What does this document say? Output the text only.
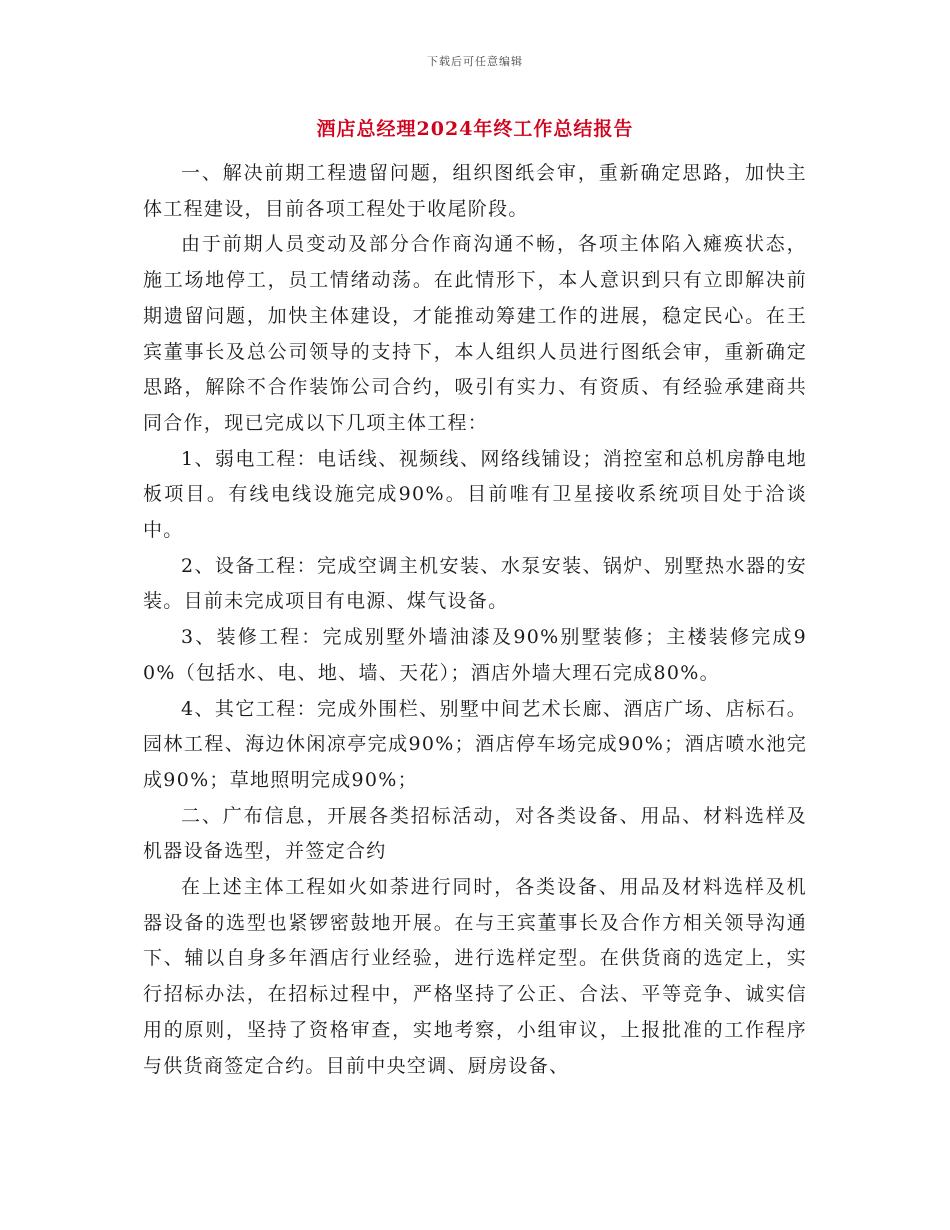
下载后可任意编辑
酒店总经理2024年终工作总结报告

一、解决前期工程遗留问题，组织图纸会审，重新确定思路，加快主体工程建设，目前各项工程处于收尾阶段。

由于前期人员变动及部分合作商沟通不畅，各项主体陷入瘫痪状态，施工场地停工，员工情绪动荡。在此情形下，本人意识到只有立即解决前期遗留问题，加快主体建设，才能推动筹建工作的进展，稳定民心。在王宾董事长及总公司领导的支持下，本人组织人员进行图纸会审，重新确定思路，解除不合作装饰公司合约，吸引有实力、有资质、有经验承建商共同合作，现已完成以下几项主体工程：

1、弱电工程：电话线、视频线、网络线铺设；消控室和总机房静电地板项目。有线电线设施完成90%。目前唯有卫星接收系统项目处于洽谈中。

2、设备工程：完成空调主机安装、水泵安装、锅炉、别墅热水器的安装。目前未完成项目有电源、煤气设备。

3、装修工程：完成别墅外墙油漆及90%别墅装修；主楼装修完成90%（包括水、电、地、墙、天花）；酒店外墙大理石完成80%。

4、其它工程：完成外围栏、别墅中间艺术长廊、酒店广场、店标石。园林工程、海边休闲凉亭完成90%；酒店停车场完成90%；酒店喷水池完成90%；草地照明完成90%；

二、广布信息，开展各类招标活动，对各类设备、用品、材料选样及机器设备选型，并签定合约

在上述主体工程如火如荼进行同时，各类设备、用品及材料选样及机器设备的选型也紧锣密鼓地开展。在与王宾董事长及合作方相关领导沟通下、辅以自身多年酒店行业经验，进行选样定型。在供货商的选定上，实行招标办法，在招标过程中，严格坚持了公正、合法、平等竞争、诚实信用的原则，坚持了资格审查，实地考察，小组审议，上报批准的工作程序与供货商签定合约。目前中央空调、厨房设备、
